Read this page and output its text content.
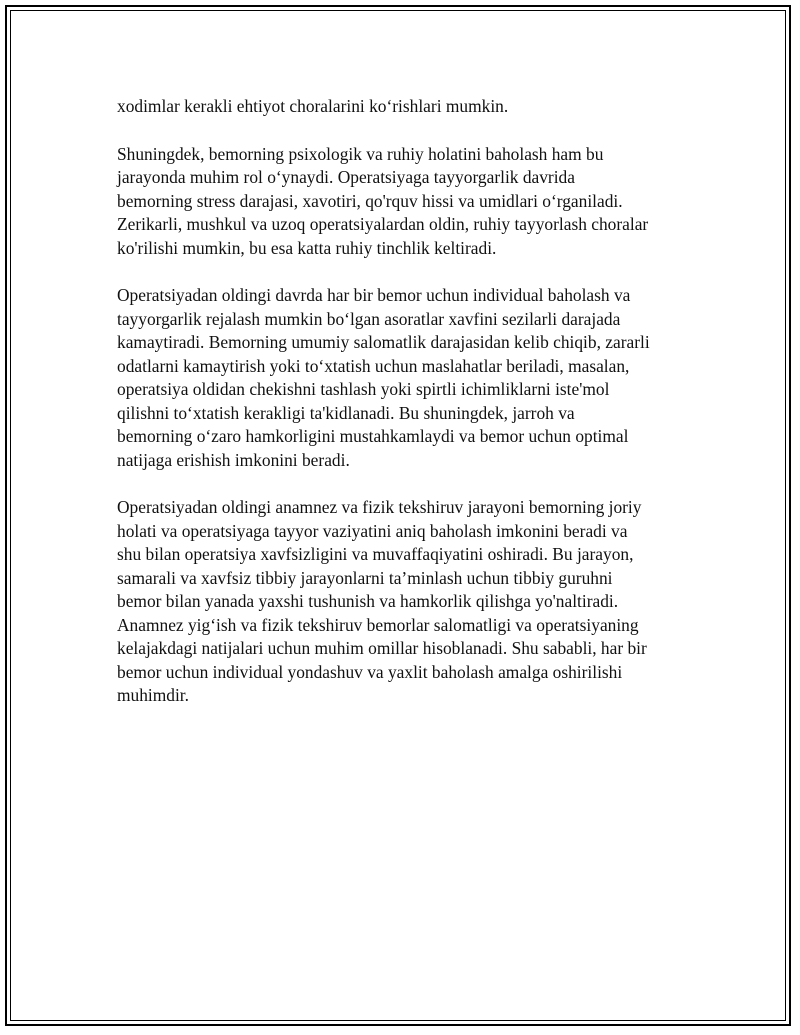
xodimlar kerakli ehtiyot choralarini ko‘rishlari mumkin.

Shuningdek, bemorning psixologik va ruhiy holatini baholash ham bu
jarayonda muhim rol o‘ynaydi. Operatsiyaga tayyorgarlik davrida
bemorning stress darajasi, xavotiri, qo'rquv hissi va umidlari o‘rganiladi.
Zerikarli, mushkul va uzoq operatsiyalardan oldin, ruhiy tayyorlash choralar
ko'rilishi mumkin, bu esa katta ruhiy tinchlik keltiradi.

Operatsiyadan oldingi davrda har bir bemor uchun individual baholash va
tayyorgarlik rejalash mumkin bo‘lgan asoratlar xavfini sezilarli darajada
kamaytiradi. Bemorning umumiy salomatlik darajasidan kelib chiqib, zararli
odatlarni kamaytirish yoki to‘xtatish uchun maslahatlar beriladi, masalan,
operatsiya oldidan chekishni tashlash yoki spirtli ichimliklarni iste'mol
qilishni to‘xtatish kerakligi ta'kidlanadi. Bu shuningdek, jarroh va
bemorning o‘zaro hamkorligini mustahkamlaydi va bemor uchun optimal
natijaga erishish imkonini beradi.

Operatsiyadan oldingi anamnez va fizik tekshiruv jarayoni bemorning joriy
holati va operatsiyaga tayyor vaziyatini aniq baholash imkonini beradi va
shu bilan operatsiya xavfsizligini va muvaffaqiyatini oshiradi. Bu jarayon,
samarali va xavfsiz tibbiy jarayonlarni ta’minlash uchun tibbiy guruhni
bemor bilan yanada yaxshi tushunish va hamkorlik qilishga yo'naltiradi.
Anamnez yig‘ish va fizik tekshiruv bemorlar salomatligi va operatsiyaning
kelajakdagi natijalari uchun muhim omillar hisoblanadi. Shu sababli, har bir
bemor uchun individual yondashuv va yaxlit baholash amalga oshirilishi
muhimdir.
